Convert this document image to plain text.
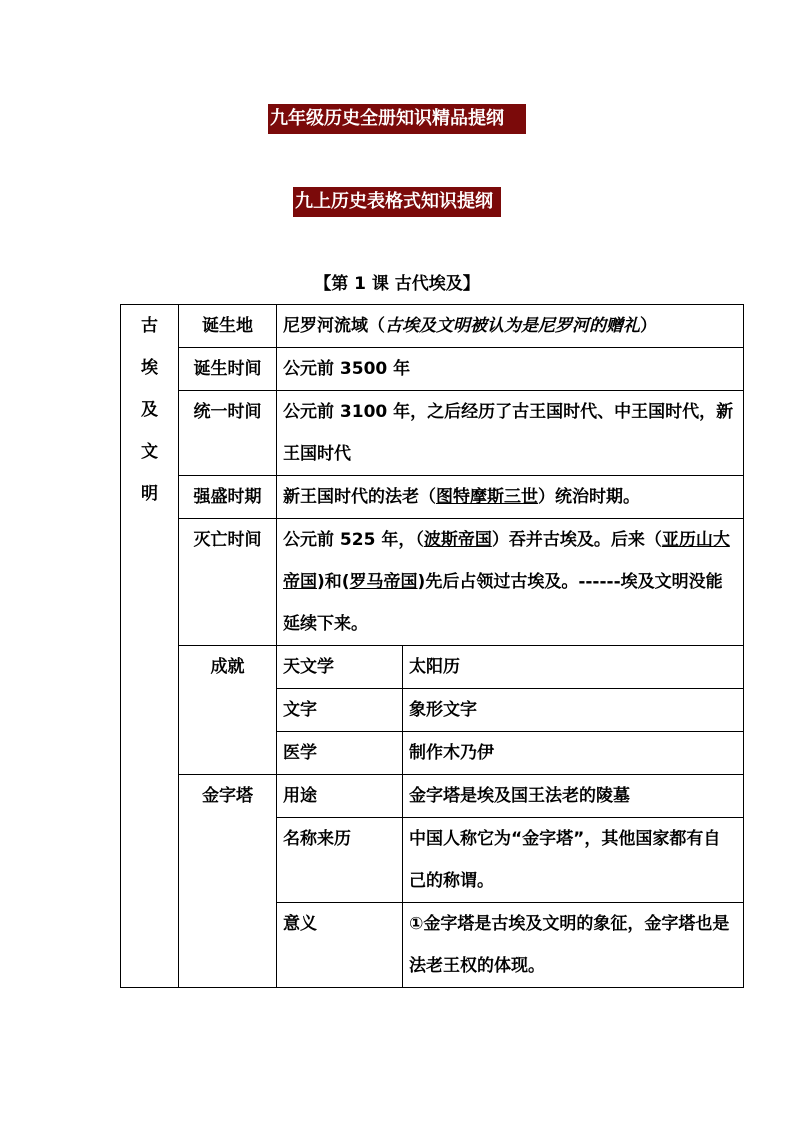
九年级历史全册知识精品提纲
九上历史表格式知识提纲
【第 1 课 古代埃及】
古
埃
及
文
明	诞生地	尼罗河流域（古埃及文明被认为是尼罗河的赠礼）	
	诞生时间	公元前 3500 年	
	统一时间	公元前 3100 年，之后经历了古王国时代、中王国时代，新王国时代	
	强盛时期	新王国时代的法老（图特摩斯三世）统治时期。	
	灭亡时间	公元前 525 年，（波斯帝国）吞并古埃及。后来（亚历山大帝国)和(罗马帝国)先后占领过古埃及。------埃及文明没能延续下来。	
	成就	天文学	太阳历
		文字	象形文字
		医学	制作木乃伊
	金字塔	用途	金字塔是埃及国王法老的陵墓
		名称来历	中国人称它为“金字塔”，其他国家都有自己的称谓。
		意义	①金字塔是古埃及文明的象征，金字塔也是法老王权的体现。
